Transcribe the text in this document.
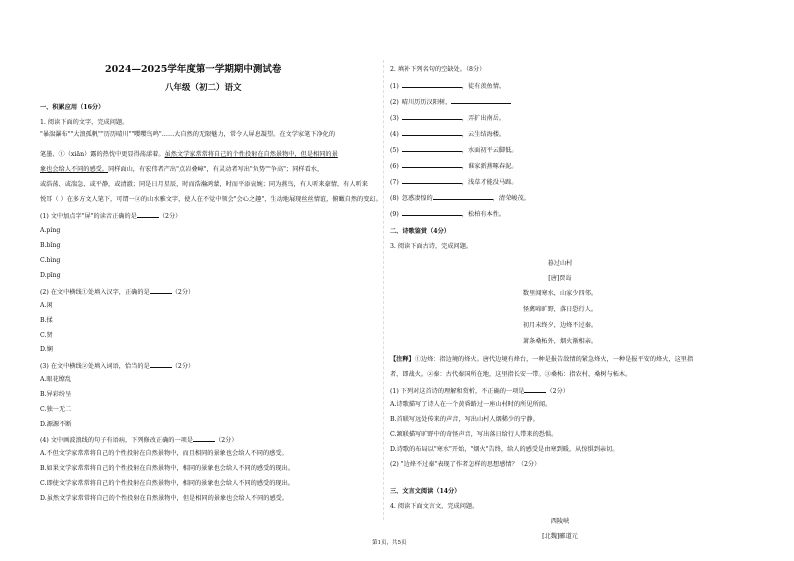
2024—2025学年度第一学期期中测试卷
八年级（初二）语文
一、积累应用（16分）
1. 阅读下面的文字，完成问题。
"暴湍瀑布""大浪孤帆""历历晴川""嘤嘤鸟鸣"……大自然的无限魅力，常令人屏息凝望。在文学家笔下净化的
笔墨、①（xiān）露的热忱中更显得荡漾着。虽然文学家常常将自己的个性投射在自然景物中，但是相同的景
象也会给人不同的感受。同样面山，有宏伟者产出"点岩叠嶂"，有灵动者写出"负势""争高"；同样看水，
或浩荡、或湍急、或平静，或清澈；同是日月星辰，时而浩瀚鸿蒙，时而平添哀婉；同为燕鸟，有人听来豪情，有人听来
悦耳（ ）在多方文人笔下，可谓一②的山水雅文字，使人在不觉中领会"会心之趣"，生动地展现丝丝情谊，俯瞰自然的变幻。
(1) 文中加点字"屏"的读音正确的是	（2分）
A.píng
B.bǐng
C.bìng
D.pīng
(2) 在文中横线①处填入汉字，正确的是	（2分）
A.闲
B.揉
C.贤
D.娴
(3) 在文中横线②处填入词语，恰当的是	（2分）
A.眼花缭乱
B.异彩纷呈
C.独一无二
D.源源不断
(4) 文中画波浪线的句子有语病，下列修改正确的一项是	（2分）
A.不但文学家常常将自己的个性投射在自然景物中，而且相同的景象也会给人不同的感受。
B.如果文学家常常将自己的个性投射在自然景物中，相同的景象也会给人不同的感受的现出。
C.即使文学家常常将自己的个性投射在自然景物中，相同的景象也会给人不同的感受的现出。
D.虽然文学家常常将自己的个性投射在自然景物中，但是相同的景象也会给人不同的感受。
2. 填补下列名句的空缺处。（8分）
(1)	，徒有羡鱼情。
(2) 晴川历历汉阳树，
(3)	，弄扩出南岳。
(4)	，云生结海楼。
(5)	，水面初平云脚低。
(6)	，谁家新燕啄春泥。
(7)	，浅草才能没马蹄。
(8) 忽惑凄惶的	，清荣峻茂。
(9)	，松柏有本性。
二、诗歌鉴赏（4分）
3. 阅读下面古诗，完成问题。
暮过山村
[唐]贾岛
数里闻寒水，山家少四邻。
怪禽啼旷野，落日恐行人。
初月未终夕，边烽不过秦。
萧条桑柘外，烟火渐相亲。
【注释】①边烽：指边境的烽火。唐代边境有烽台，一种是报告敌情的紧急烽火，一种是报平安的烽火，这里指
者，即战火。②秦：古代秦国所在地，这里指长安一带。③桑柘：指农村，桑树与柘木。
(1) 下列对这首诗的理解和赏析，不正确的一项是	（2分）
A.诗歌描写了诗人在一个黄昏路过一座山村时的所见所闻。
B.首联写远处传来的声音，写出山村人烟稀少的宁静。
C.颔联描写旷野中的奇怪声音，写出落日给行人带来的恐惧。
D.诗歌的布局以"寒水"开始，"烟火"告终，给人的感受是由寒到暖，从惊惧到亲切。
(2) "边烽不过秦"表现了作者怎样的思想感情？（2分）
三、文言文阅读（14分）
4. 阅读下面文言文，完成问题。
西陵峡
[北魏]郦道元
第1页，共5页
